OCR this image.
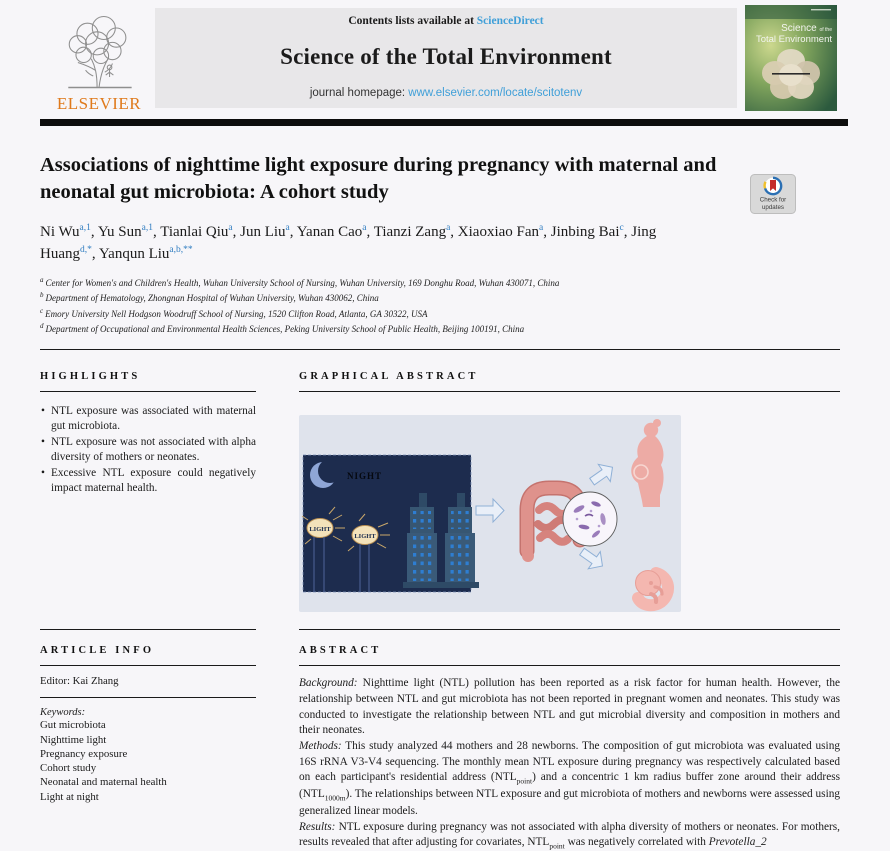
ELSEVIER
Contents lists available at ScienceDirect
Science of the Total Environment
journal homepage: www.elsevier.com/locate/scitotenv
Science of the
Total Environment
Check for
updates
Associations of nighttime light exposure during pregnancy with maternal and neonatal gut microbiota: A cohort study
Ni Wu$^{a,1}$, Yu Sun$^{a,1}$, Tianlai Qiu$^a$, Jun Liu$^a$, Yanan Cao$^a$, Tianzi Zang$^a$, Xiaoxiao Fan$^a$, Jinbing Bai$^c$, Jing Huang$^{d,*}$, Yanqun Liu$^{a,b,**}$
$^a$ Center for Women's and Children's Health, Wuhan University School of Nursing, Wuhan University, 169 Donghu Road, Wuhan 430071, China
$^b$ Department of Hematology, Zhongnan Hospital of Wuhan University, Wuhan 430062, China
$^c$ Emory University Nell Hodgson Woodruff School of Nursing, 1520 Clifton Road, Atlanta, GA 30322, USA
$^d$ Department of Occupational and Environmental Health Sciences, Peking University School of Public Health, Beijing 100191, China
HIGHLIGHTS
• NTL exposure was associated with maternal gut microbiota.
• NTL exposure was not associated with alpha diversity of mothers or neonates.
• Excessive NTL exposure could negatively impact maternal health.
GRAPHICAL ABSTRACT
NIGHT
LIGHT
LIGHT
ARTICLE INFO
Editor: Kai Zhang
Keywords:
Gut microbiota
Nighttime light
Pregnancy exposure
Cohort study
Neonatal and maternal health
Light at night
ABSTRACT

Background: Nighttime light (NTL) pollution has been reported as a risk factor for human health. However, the relationship between NTL and gut microbiota has not been reported in pregnant women and neonates. This study was conducted to investigate the relationship between NTL and gut microbial diversity and composition in mothers and their neonates.

Methods: This study analyzed 44 mothers and 28 newborns. The composition of gut microbiota was evaluated using 16S rRNA V3-V4 sequencing. The monthly mean NTL exposure during pregnancy was respectively calculated based on each participant's residential address $(NTL_{point})$ and a concentric 1 km radius buffer zone around their address $(NTL_{1000m})$. The relationships between NTL exposure and gut microbiota of mothers and newborns were assessed using generalized linear models.

Results: NTL exposure during pregnancy was not associated with alpha diversity of mothers or neonates. For mothers, results revealed that after adjusting for covariates, $NTL_{point}$ was negatively correlated with Prevotella_2
